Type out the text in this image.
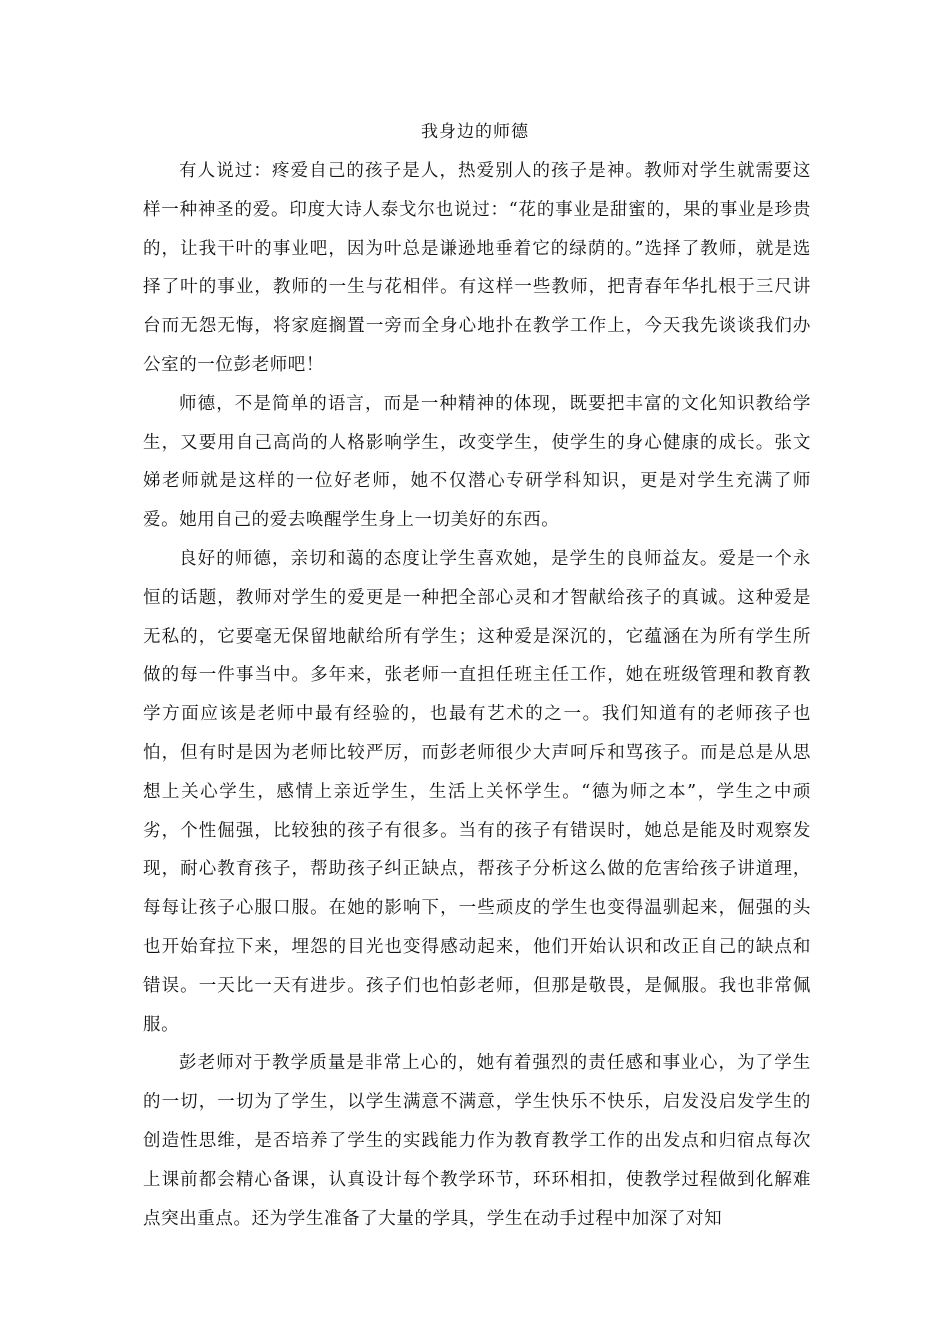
我身边的师德

有人说过：疼爱自己的孩子是人，热爱别人的孩子是神。教师对学生就需要这样一种神圣的爱。印度大诗人泰戈尔也说过：“花的事业是甜蜜的，果的事业是珍贵的，让我干叶的事业吧，因为叶总是谦逊地垂着它的绿荫的。”选择了教师，就是选择了叶的事业，教师的一生与花相伴。有这样一些教师，把青春年华扎根于三尺讲台而无怨无悔，将家庭搁置一旁而全身心地扑在教学工作上，今天我先谈谈我们办公室的一位彭老师吧！

师德，不是简单的语言，而是一种精神的体现，既要把丰富的文化知识教给学生，又要用自己高尚的人格影响学生，改变学生，使学生的身心健康的成长。张文娣老师就是这样的一位好老师，她不仅潜心专研学科知识，更是对学生充满了师爱。她用自己的爱去唤醒学生身上一切美好的东西。

良好的师德，亲切和蔼的态度让学生喜欢她，是学生的良师益友。爱是一个永恒的话题，教师对学生的爱更是一种把全部心灵和才智献给孩子的真诚。这种爱是无私的，它要毫无保留地献给所有学生；这种爱是深沉的，它蕴涵在为所有学生所做的每一件事当中。多年来，张老师一直担任班主任工作，她在班级管理和教育教学方面应该是老师中最有经验的，也最有艺术的之一。我们知道有的老师孩子也怕，但有时是因为老师比较严厉，而彭老师很少大声呵斥和骂孩子。而是总是从思想上关心学生，感情上亲近学生，生活上关怀学生。“德为师之本”，学生之中顽劣，个性倔强，比较独的孩子有很多。当有的孩子有错误时，她总是能及时观察发现，耐心教育孩子，帮助孩子纠正缺点，帮孩子分析这么做的危害给孩子讲道理，每每让孩子心服口服。在她的影响下，一些顽皮的学生也变得温驯起来，倔强的头也开始耷拉下来，埋怨的目光也变得感动起来，他们开始认识和改正自己的缺点和错误。一天比一天有进步。孩子们也怕彭老师，但那是敬畏，是佩服。我也非常佩服。

彭老师对于教学质量是非常上心的，她有着强烈的责任感和事业心，为了学生的一切，一切为了学生，以学生满意不满意，学生快乐不快乐，启发没启发学生的创造性思维，是否培养了学生的实践能力作为教育教学工作的出发点和归宿点每次上课前都会精心备课，认真设计每个教学环节，环环相扣，使教学过程做到化解难点突出重点。还为学生准备了大量的学具，学生在动手过程中加深了对知
